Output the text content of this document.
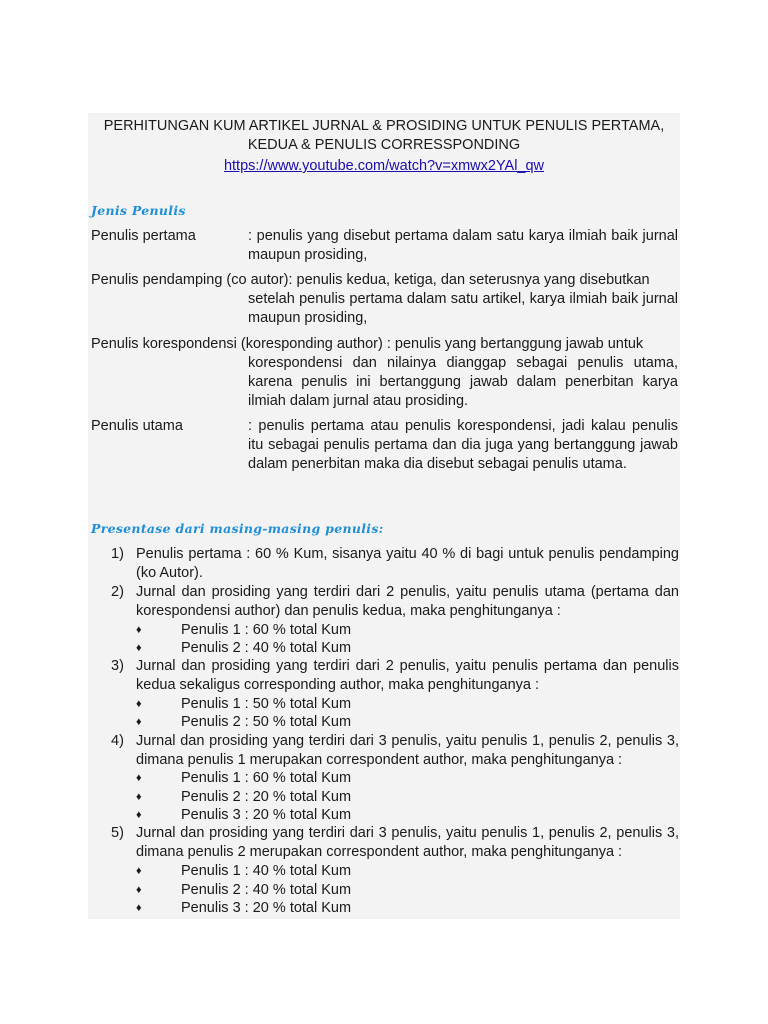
PERHITUNGAN KUM ARTIKEL JURNAL & PROSIDING UNTUK PENULIS PERTAMA,
KEDUA & PENULIS CORRESSPONDING
https://www.youtube.com/watch?v=xmwx2YAl_qw
Jenis Penulis
Penulis pertama	: penulis yang disebut pertama dalam satu karya ilmiah baik jurnal maupun prosiding,
Penulis pendamping (co autor): penulis kedua, ketiga, dan seterusnya yang disebutkan
setelah penulis pertama dalam satu artikel, karya ilmiah baik jurnal maupun prosiding,
Penulis korespondensi (koresponding author) : penulis yang bertanggung jawab untuk
korespondensi dan nilainya dianggap sebagai penulis utama, karena penulis ini bertanggung jawab dalam penerbitan karya ilmiah dalam jurnal atau prosiding.
Penulis utama	: penulis pertama atau penulis korespondensi, jadi kalau penulis itu sebagai penulis pertama dan dia juga yang bertanggung jawab dalam penerbitan maka dia disebut sebagai penulis utama.
Presentase dari masing-masing penulis:
1) Penulis pertama : 60 % Kum, sisanya yaitu 40 % di bagi untuk penulis pendamping (ko Autor).
2) Jurnal dan prosiding yang terdiri dari 2 penulis, yaitu penulis utama (pertama dan korespondensi author) dan penulis kedua, maka penghitunganya :
♦	Penulis 1 : 60 % total Kum
♦	Penulis 2 : 40 % total Kum
3) Jurnal dan prosiding yang terdiri dari 2 penulis, yaitu penulis pertama dan penulis kedua sekaligus corresponding author, maka penghitunganya :
♦	Penulis 1 : 50 % total Kum
♦	Penulis 2 : 50 % total Kum
4) Jurnal dan prosiding yang terdiri dari 3 penulis, yaitu penulis 1, penulis 2, penulis 3, dimana penulis 1 merupakan correspondent author, maka penghitunganya :
♦	Penulis 1 : 60 % total Kum
♦	Penulis 2 : 20 % total Kum
♦	Penulis 3 : 20 % total Kum
5) Jurnal dan prosiding yang terdiri dari 3 penulis, yaitu penulis 1, penulis 2, penulis 3, dimana penulis 2 merupakan correspondent author, maka penghitunganya :
♦	Penulis 1 : 40 % total Kum
♦	Penulis 2 : 40 % total Kum
♦	Penulis 3 : 20 % total Kum
